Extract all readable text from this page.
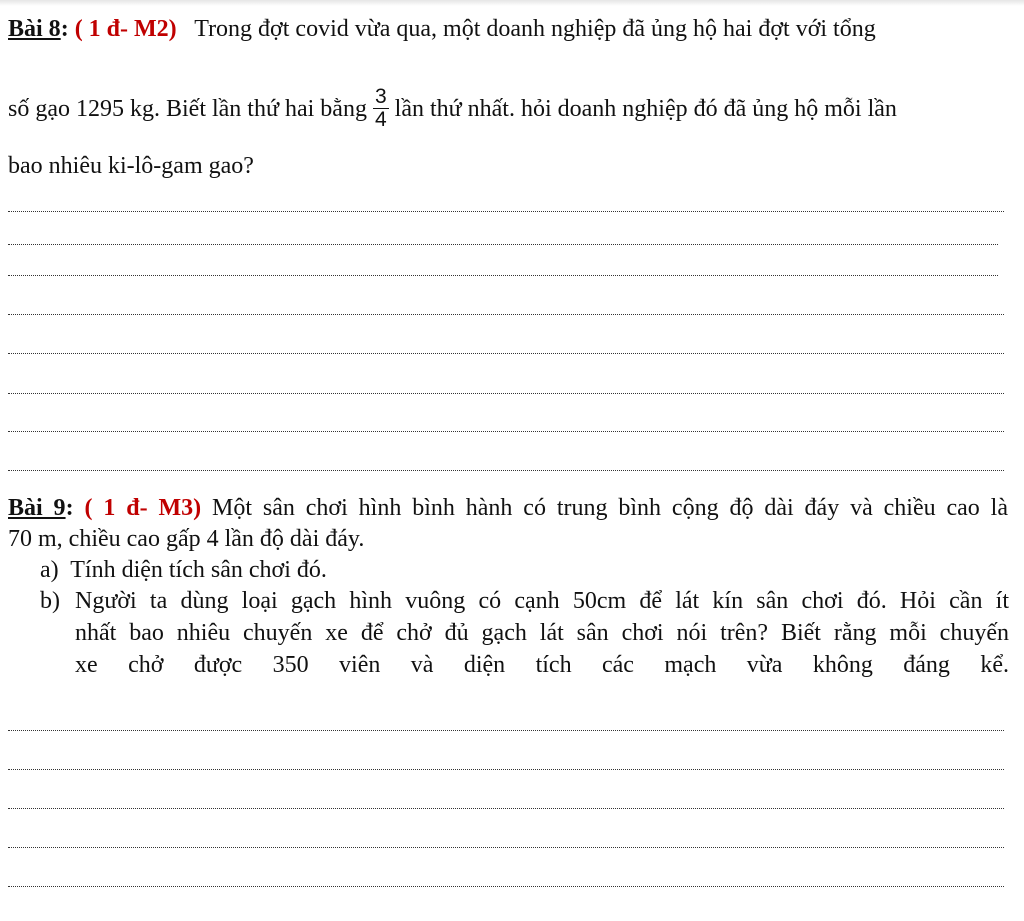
Bài 8: ( 1 đ- M2) Trong đợt covid vừa qua, một doanh nghiệp đã ủng hộ hai đợt với tổng
số gạo 1295 kg. Biết lần thứ hai bằng $\frac{3}{4}$ lần thứ nhất. hỏi doanh nghiệp đó đã ủng hộ mỗi lần
bao nhiêu ki-lô-gam gao?
Bài 9: ( 1 đ- M3) Một sân chơi hình bình hành có trung bình cộng độ dài đáy và chiều cao là
70 m, chiều cao gấp 4 lần độ dài đáy.
a) Tính diện tích sân chơi đó.
b) Người ta dùng loại gạch hình vuông có cạnh 50cm để lát kín sân chơi đó. Hỏi cần ít
nhất bao nhiêu chuyến xe để chở đủ gạch lát sân chơi nói trên? Biết rằng mỗi chuyến
xe chở được 350 viên và diện tích các mạch vừa không đáng kể.
